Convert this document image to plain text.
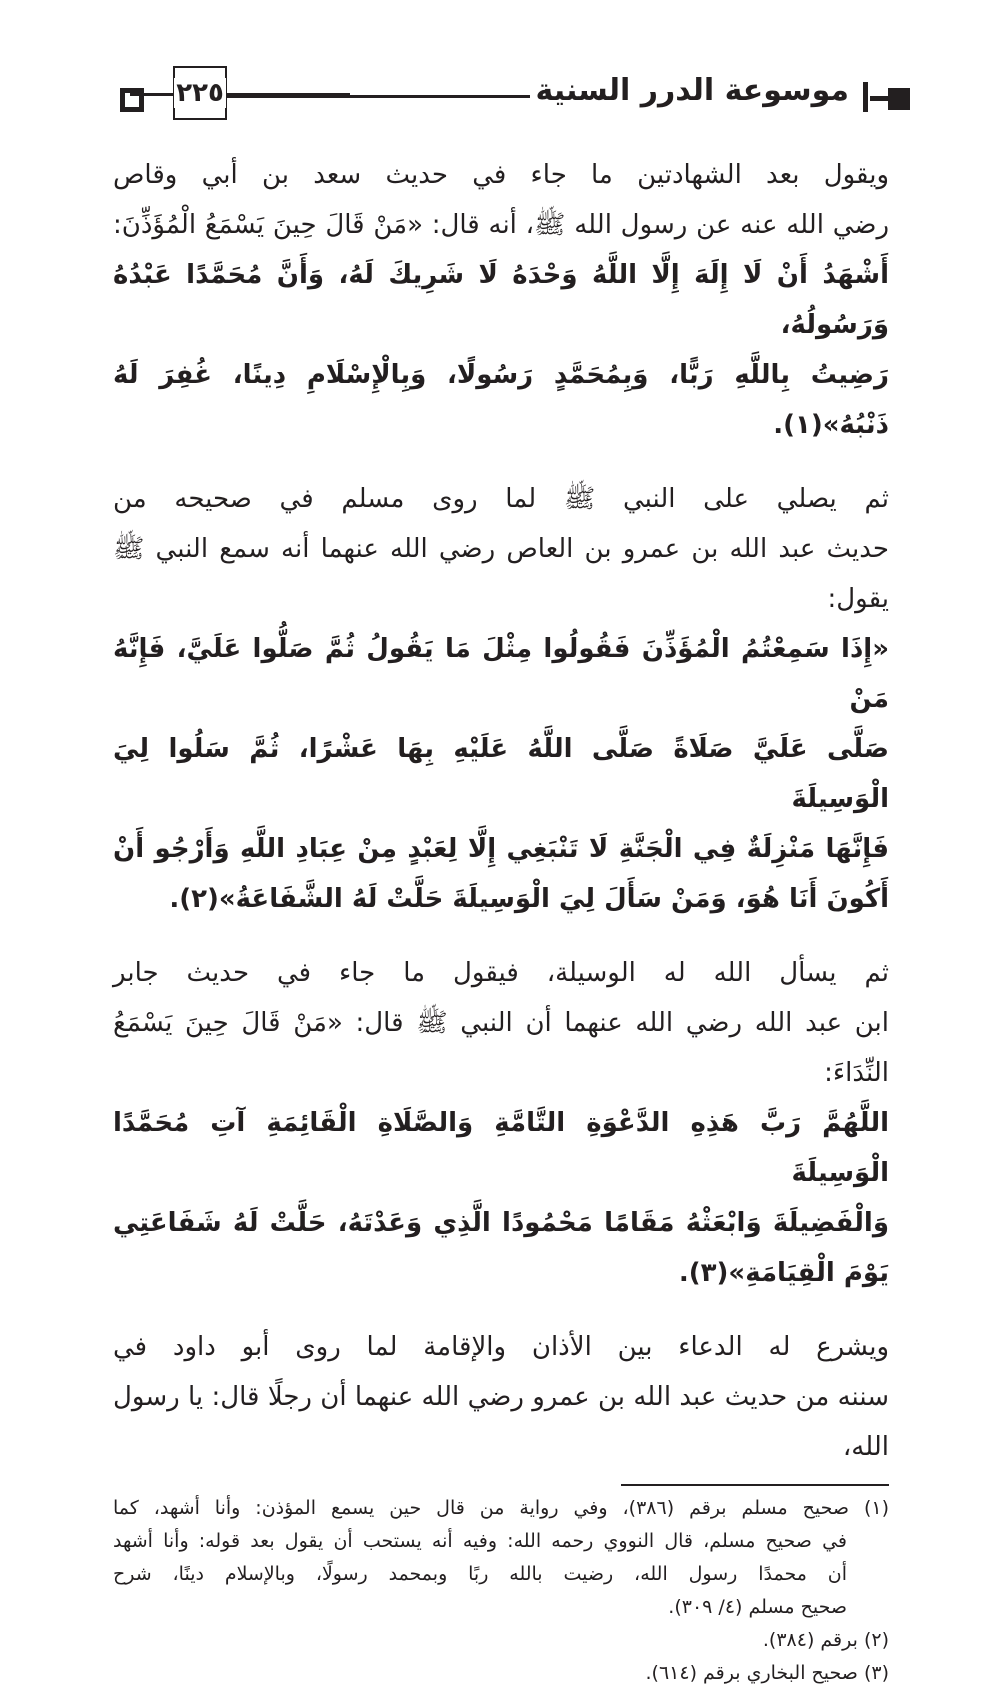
موسوعة الدرر السنية
٢٢٥
ويقول بعد الشهادتين ما جاء في حديث سعد بن أبي وقاص
رضي الله عنه عن رسول الله ﷺ، أنه قال: «مَنْ قَالَ حِينَ يَسْمَعُ الْمُؤَذِّنَ:
أَشْهَدُ أَنْ لَا إِلَهَ إِلَّا اللَّهُ وَحْدَهُ لَا شَرِيكَ لَهُ، وَأَنَّ مُحَمَّدًا عَبْدُهُ وَرَسُولُهُ،
رَضِيتُ بِاللَّهِ رَبًّا، وَبِمُحَمَّدٍ رَسُولًا، وَبِالْإِسْلَامِ دِينًا، غُفِرَ لَهُ ذَنْبُهُ»(١).
ثم يصلي على النبي ﷺ لما روى مسلم في صحيحه من
حديث عبد الله بن عمرو بن العاص رضي الله عنهما أنه سمع النبي ﷺ يقول:
«إِذَا سَمِعْتُمُ الْمُؤَذِّنَ فَقُولُوا مِثْلَ مَا يَقُولُ ثُمَّ صَلُّوا عَلَيَّ، فَإِنَّهُ مَنْ
صَلَّى عَلَيَّ صَلَاةً صَلَّى اللَّهُ عَلَيْهِ بِهَا عَشْرًا، ثُمَّ سَلُوا لِيَ الْوَسِيلَةَ
فَإِنَّهَا مَنْزِلَةٌ فِي الْجَنَّةِ لَا تَنْبَغِي إِلَّا لِعَبْدٍ مِنْ عِبَادِ اللَّهِ وَأَرْجُو أَنْ
أَكُونَ أَنَا هُوَ، وَمَنْ سَأَلَ لِيَ الْوَسِيلَةَ حَلَّتْ لَهُ الشَّفَاعَةُ»(٢).
ثم يسأل الله له الوسيلة، فيقول ما جاء في حديث جابر
ابن عبد الله رضي الله عنهما أن النبي ﷺ قال: «مَنْ قَالَ حِينَ يَسْمَعُ النِّدَاءَ:
اللَّهُمَّ رَبَّ هَذِهِ الدَّعْوَةِ التَّامَّةِ وَالصَّلَاةِ الْقَائِمَةِ آتِ مُحَمَّدًا الْوَسِيلَةَ
وَالْفَضِيلَةَ وَابْعَثْهُ مَقَامًا مَحْمُودًا الَّذِي وَعَدْتَهُ، حَلَّتْ لَهُ شَفَاعَتِي
يَوْمَ الْقِيَامَةِ»(٣).
ويشرع له الدعاء بين الأذان والإقامة لما روى أبو داود في
سننه من حديث عبد الله بن عمرو رضي الله عنهما أن رجلًا قال: يا رسول الله،
(١) صحيح مسلم برقم (٣٨٦)، وفي رواية من قال حين يسمع المؤذن: وأنا أشهد، كما
في صحيح مسلم، قال النووي رحمه الله: وفيه أنه يستحب أن يقول بعد قوله: وأنا أشهد
أن محمدًا رسول الله، رضيت بالله ربًا وبمحمد رسولًا، وبالإسلام دينًا، شرح
صحيح مسلم (٤/ ٣٠٩).
(٢) برقم (٣٨٤).
(٣) صحيح البخاري برقم (٦١٤).
